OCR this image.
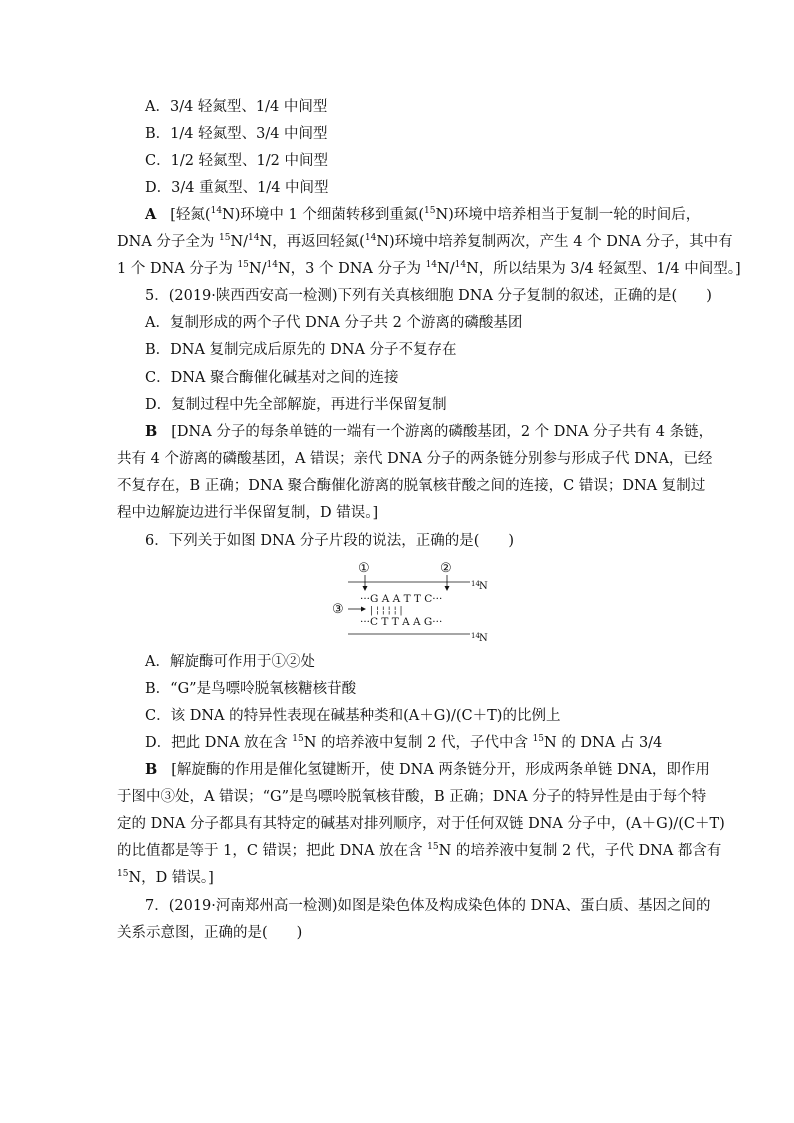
A．3/4 轻氮型、1/4 中间型
B．1/4 轻氮型、3/4 中间型
C．1/2 轻氮型、1/2 中间型
D．3/4 重氮型、1/4 中间型
A [轻氮($^{14}$N)环境中 1 个细菌转移到重氮($^{15}$N)环境中培养相当于复制一轮的时间后，
DNA 分子全为 $^{15}$N/$^{14}$N，再返回轻氮($^{14}$N)环境中培养复制两次，产生 4 个 DNA 分子，其中有
1 个 DNA 分子为 $^{15}$N/$^{14}$N，3 个 DNA 分子为 $^{14}$N/$^{14}$N，所以结果为 3/4 轻氮型、1/4 中间型。]
5．(2019·陕西西安高一检测)下列有关真核细胞 DNA 分子复制的叙述，正确的是(　　)
A．复制形成的两个子代 DNA 分子共 2 个游离的磷酸基团
B．DNA 复制完成后原先的 DNA 分子不复存在
C．DNA 聚合酶催化碱基对之间的连接
D．复制过程中先全部解旋，再进行半保留复制
B [DNA 分子的每条单链的一端有一个游离的磷酸基团，2 个 DNA 分子共有 4 条链，
共有 4 个游离的磷酸基团，A 错误；亲代 DNA 分子的两条链分别参与形成子代 DNA，已经
不复存在，B 正确；DNA 聚合酶催化游离的脱氧核苷酸之间的连接，C 错误；DNA 复制过
程中边解旋边进行半保留复制，D 错误。]
6．下列关于如图 DNA 分子片段的说法，正确的是(　　)
①	②
14 N
···G A A T T C···
③	| ¦ ¦ ¦ ¦ |
···C T T A A G···
14 N
A．解旋酶可作用于①②处
B．“G”是鸟嘌呤脱氧核糖核苷酸
C．该 DNA 的特异性表现在碱基种类和(A＋G)/(C＋T)的比例上
D．把此 DNA 放在含 $^{15}$N 的培养液中复制 2 代，子代中含 $^{15}$N 的 DNA 占 3/4
B [解旋酶的作用是催化氢键断开，使 DNA 两条链分开，形成两条单链 DNA，即作用
于图中③处，A 错误；“G”是鸟嘌呤脱氧核苷酸，B 正确；DNA 分子的特异性是由于每个特
定的 DNA 分子都具有其特定的碱基对排列顺序，对于任何双链 DNA 分子中，(A＋G)/(C＋T)
的比值都是等于 1，C 错误；把此 DNA 放在含 $^{15}$N 的培养液中复制 2 代，子代 DNA 都含有
$^{15}$N，D 错误。]
7．(2019·河南郑州高一检测)如图是染色体及构成染色体的 DNA、蛋白质、基因之间的
关系示意图，正确的是(　　)
